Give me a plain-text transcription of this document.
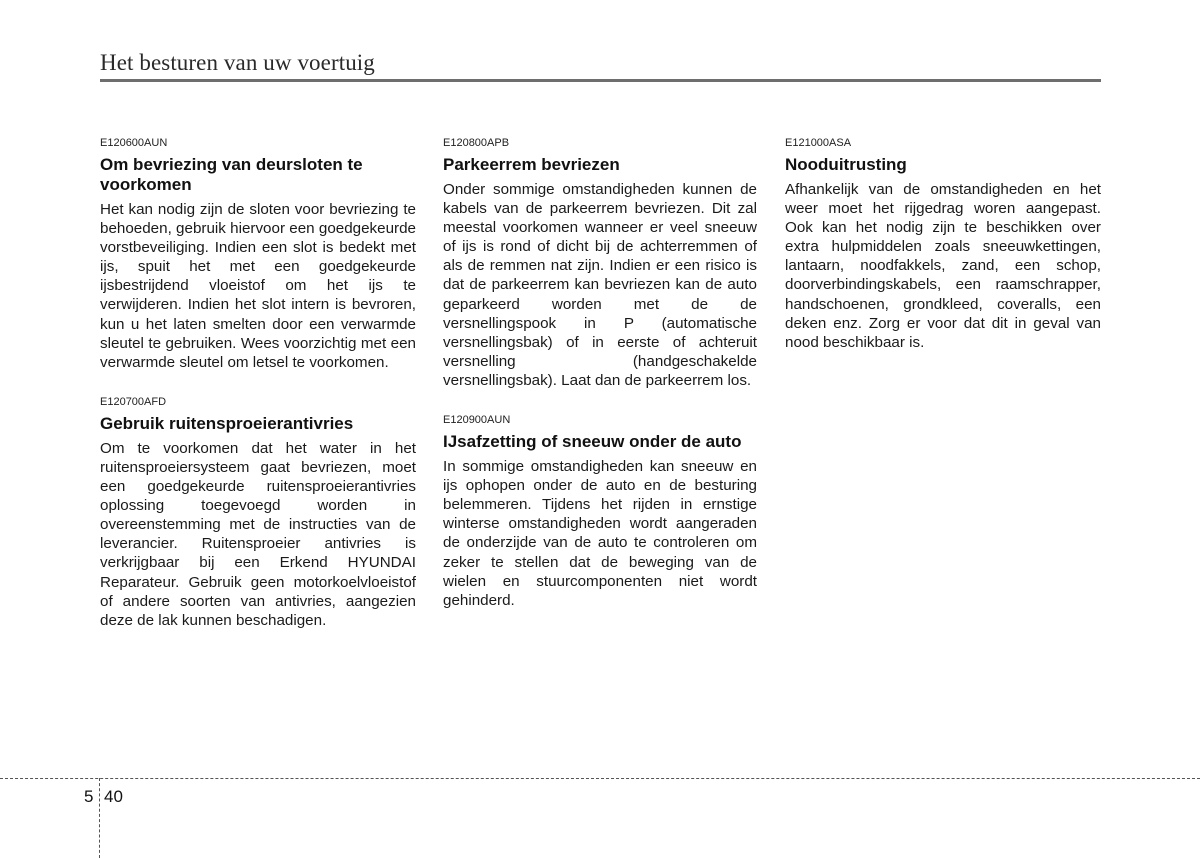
Het besturen van uw voertuig
E120600AUN
Om bevriezing van deursloten te voorkomen

Het kan nodig zijn de sloten voor bevriezing te behoeden, gebruik hiervoor een goedgekeurde vorstbeveiliging. Indien een slot is bedekt met ijs, spuit het met een goedgekeurde ijsbestrijdend vloeistof om het ijs te verwijderen. Indien het slot intern is bevroren, kun u het laten smelten door een verwarmde sleutel te gebruiken. Wees voorzichtig met een verwarmde sleutel om letsel te voorkomen.

E120700AFD
Gebruik ruitensproeierantivries

Om te voorkomen dat het water in het ruitensproeiersysteem gaat bevriezen, moet een goedgekeurde ruitensproeierantivries oplossing toegevoegd worden in overeenstemming met de instructies van de leverancier. Ruitensproeier antivries is verkrijgbaar bij een Erkend HYUNDAI Reparateur. Gebruik geen motorkoelvloeistof of andere soorten van antivries, aangezien deze de lak kunnen beschadigen.

E120800APB
Parkeerrem bevriezen

Onder sommige omstandigheden kunnen de kabels van de parkeerrem bevriezen. Dit zal meestal voorkomen wanneer er veel sneeuw of ijs is rond of dicht bij de achterremmen of als de remmen nat zijn. Indien er een risico is dat de parkeerrem kan bevriezen kan de auto geparkeerd worden met de de versnellingspook in P (automatische versnellingsbak) of in eerste of achteruit versnelling (handgeschakelde versnellingsbak). Laat dan de parkeerrem los.

E120900AUN
IJsafzetting of sneeuw onder de auto

In sommige omstandigheden kan sneeuw en ijs ophopen onder de auto en de besturing belemmeren. Tijdens het rijden in ernstige winterse omstandigheden wordt aangeraden de onderzijde van de auto te controleren om zeker te stellen dat de beweging van de wielen en stuurcomponenten niet wordt gehinderd.

E121000ASA
Nooduitrusting

Afhankelijk van de omstandigheden en het weer moet het rijgedrag woren aangepast. Ook kan het nodig zijn te beschikken over extra hulpmiddelen zoals sneeuwkettingen, lantaarn, noodfakkels, zand, een schop, doorverbindingskabels, een raamschrapper, handschoenen, grondkleed, coveralls, een deken enz. Zorg er voor dat dit in geval van nood beschikbaar is.

5 40
